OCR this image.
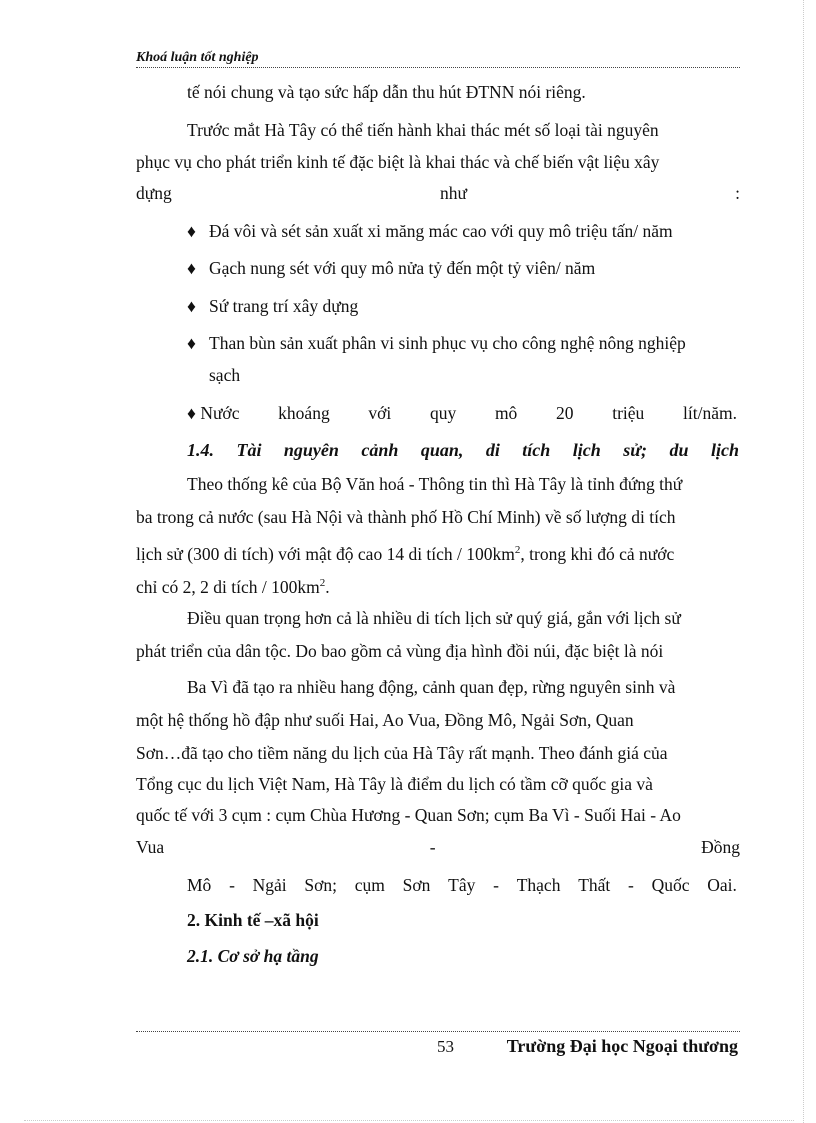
Khoá luận tốt nghiệp
tế nói chung và tạo sức hấp dẫn thu hút ĐTNN nói riêng.
Trước mắt Hà Tây có thể tiến hành khai thác mét số loại tài nguyên
phục vụ cho phát triển kinh tế đặc biệt là khai thác và chế biến vật liệu xây
dựng	như	:
♦ Đá vôi và sét sản xuất xi măng mác cao với quy mô triệu tấn/ năm
♦ Gạch nung sét với quy mô nửa tỷ đến một tỷ viên/ năm
♦ Sứ trang trí xây dựng
♦ Than bùn sản xuất phân vi sinh phục vụ cho công nghệ nông nghiệp
sạch
♦ Nước khoáng với quy mô 20 triệu lít/năm.
1.4. Tài nguyên cảnh quan, di tích lịch sử; du lịch
Theo thống kê của Bộ Văn hoá - Thông tin thì Hà Tây là tỉnh đứng thứ
ba trong cả nước (sau Hà Nội và thành phố Hồ Chí Minh) về số lượng di tích
lịch sử (300 di tích) với mật độ cao 14 di tích / $100km^2$, trong khi đó cả nước
chỉ có 2, 2 di tích / $100km^2$.
Điều quan trọng hơn cả là nhiều di tích lịch sử quý giá, gắn với lịch sử
phát triển của dân tộc. Do bao gồm cả vùng địa hình đồi núi, đặc biệt là nói
Ba Vì đã tạo ra nhiều hang động, cảnh quan đẹp, rừng nguyên sinh và
một hệ thống hồ đập như suối Hai, Ao Vua, Đồng Mô, Ngải Sơn, Quan
Sơn…đã tạo cho tiềm năng du lịch của Hà Tây rất mạnh. Theo đánh giá của
Tổng cục du lịch Việt Nam, Hà Tây là điểm du lịch có tầm cỡ quốc gia và
quốc tế với 3 cụm : cụm Chùa Hương - Quan Sơn; cụm Ba Vì - Suối Hai - Ao
Vua	-	Đồng
Mô - Ngải Sơn; cụm Sơn Tây - Thạch Thất - Quốc Oai.
2. Kinh tế –xã hội
2.1. Cơ sở hạ tầng
53	Trường Đại học Ngoại thương
